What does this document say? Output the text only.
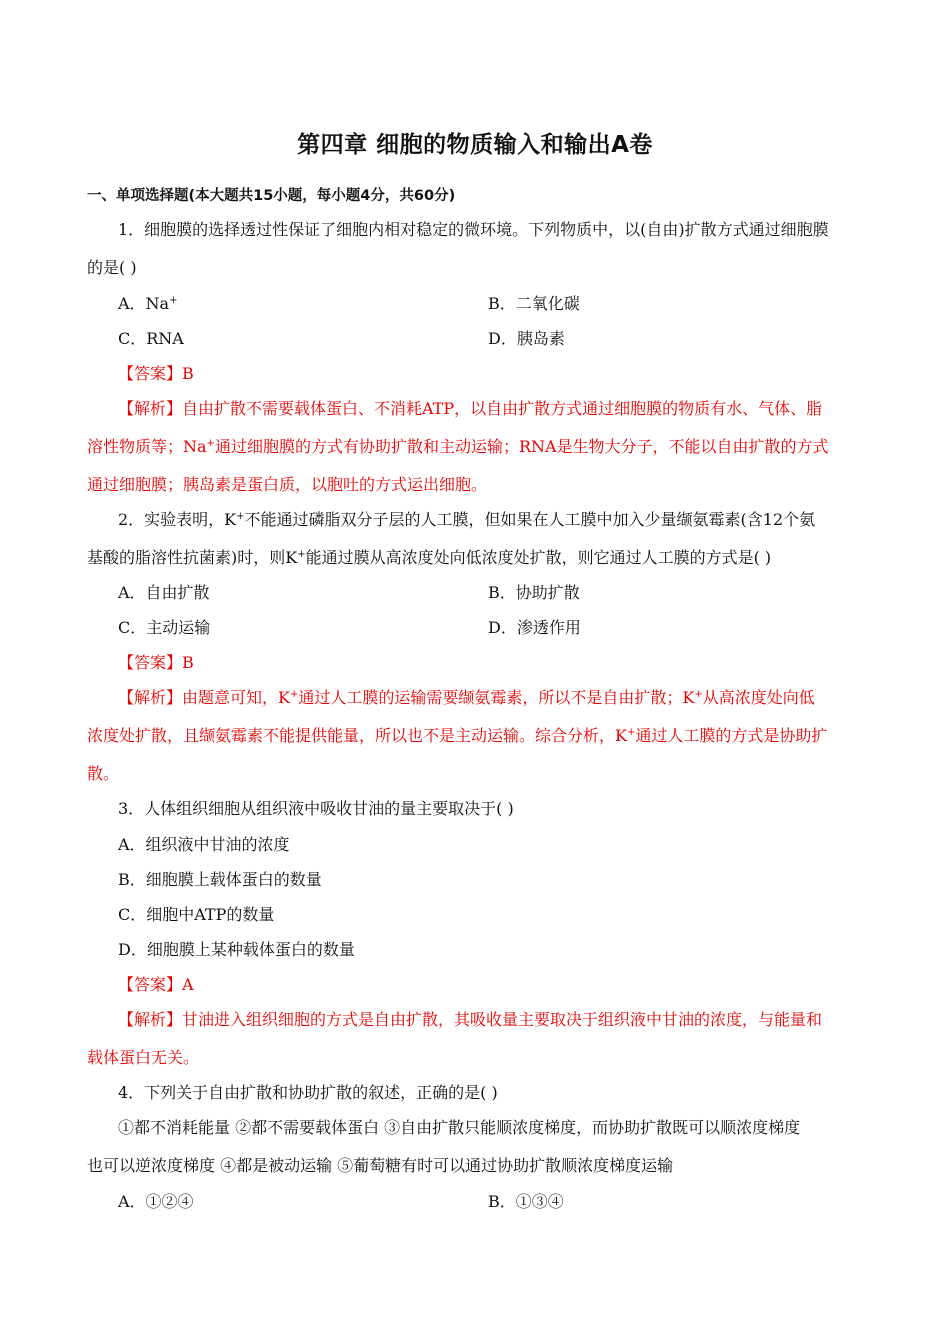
第四章 细胞的物质输入和输出A卷
一、单项选择题(本大题共15小题，每小题4分，共60分)
1．细胞膜的选择透过性保证了细胞内相对稳定的微环境。下列物质中，以(自由)扩散方式通过细胞膜
的是( )
A．Na+	B．二氧化碳
C．RNA	D．胰岛素
【答案】B
【解析】自由扩散不需要载体蛋白、不消耗ATP，以自由扩散方式通过细胞膜的物质有水、气体、脂
溶性物质等；Na+通过细胞膜的方式有协助扩散和主动运输；RNA是生物大分子，不能以自由扩散的方式
通过细胞膜；胰岛素是蛋白质，以胞吐的方式运出细胞。
2．实验表明，K+不能通过磷脂双分子层的人工膜，但如果在人工膜中加入少量缬氨霉素(含12个氨
基酸的脂溶性抗菌素)时，则K+能通过膜从高浓度处向低浓度处扩散，则它通过人工膜的方式是( )
A．自由扩散	B．协助扩散
C．主动运输	D．渗透作用
【答案】B
【解析】由题意可知，K+通过人工膜的运输需要缬氨霉素，所以不是自由扩散；K+从高浓度处向低
浓度处扩散，且缬氨霉素不能提供能量，所以也不是主动运输。综合分析，K+通过人工膜的方式是协助扩
散。
3．人体组织细胞从组织液中吸收甘油的量主要取决于( )
A．组织液中甘油的浓度
B．细胞膜上载体蛋白的数量
C．细胞中ATP的数量
D．细胞膜上某种载体蛋白的数量
【答案】A
【解析】甘油进入组织细胞的方式是自由扩散，其吸收量主要取决于组织液中甘油的浓度，与能量和
载体蛋白无关。
4．下列关于自由扩散和协助扩散的叙述，正确的是( )
①都不消耗能量 ②都不需要载体蛋白 ③自由扩散只能顺浓度梯度，而协助扩散既可以顺浓度梯度
也可以逆浓度梯度 ④都是被动运输 ⑤葡萄糖有时可以通过协助扩散顺浓度梯度运输
A．①②④	B．①③④
